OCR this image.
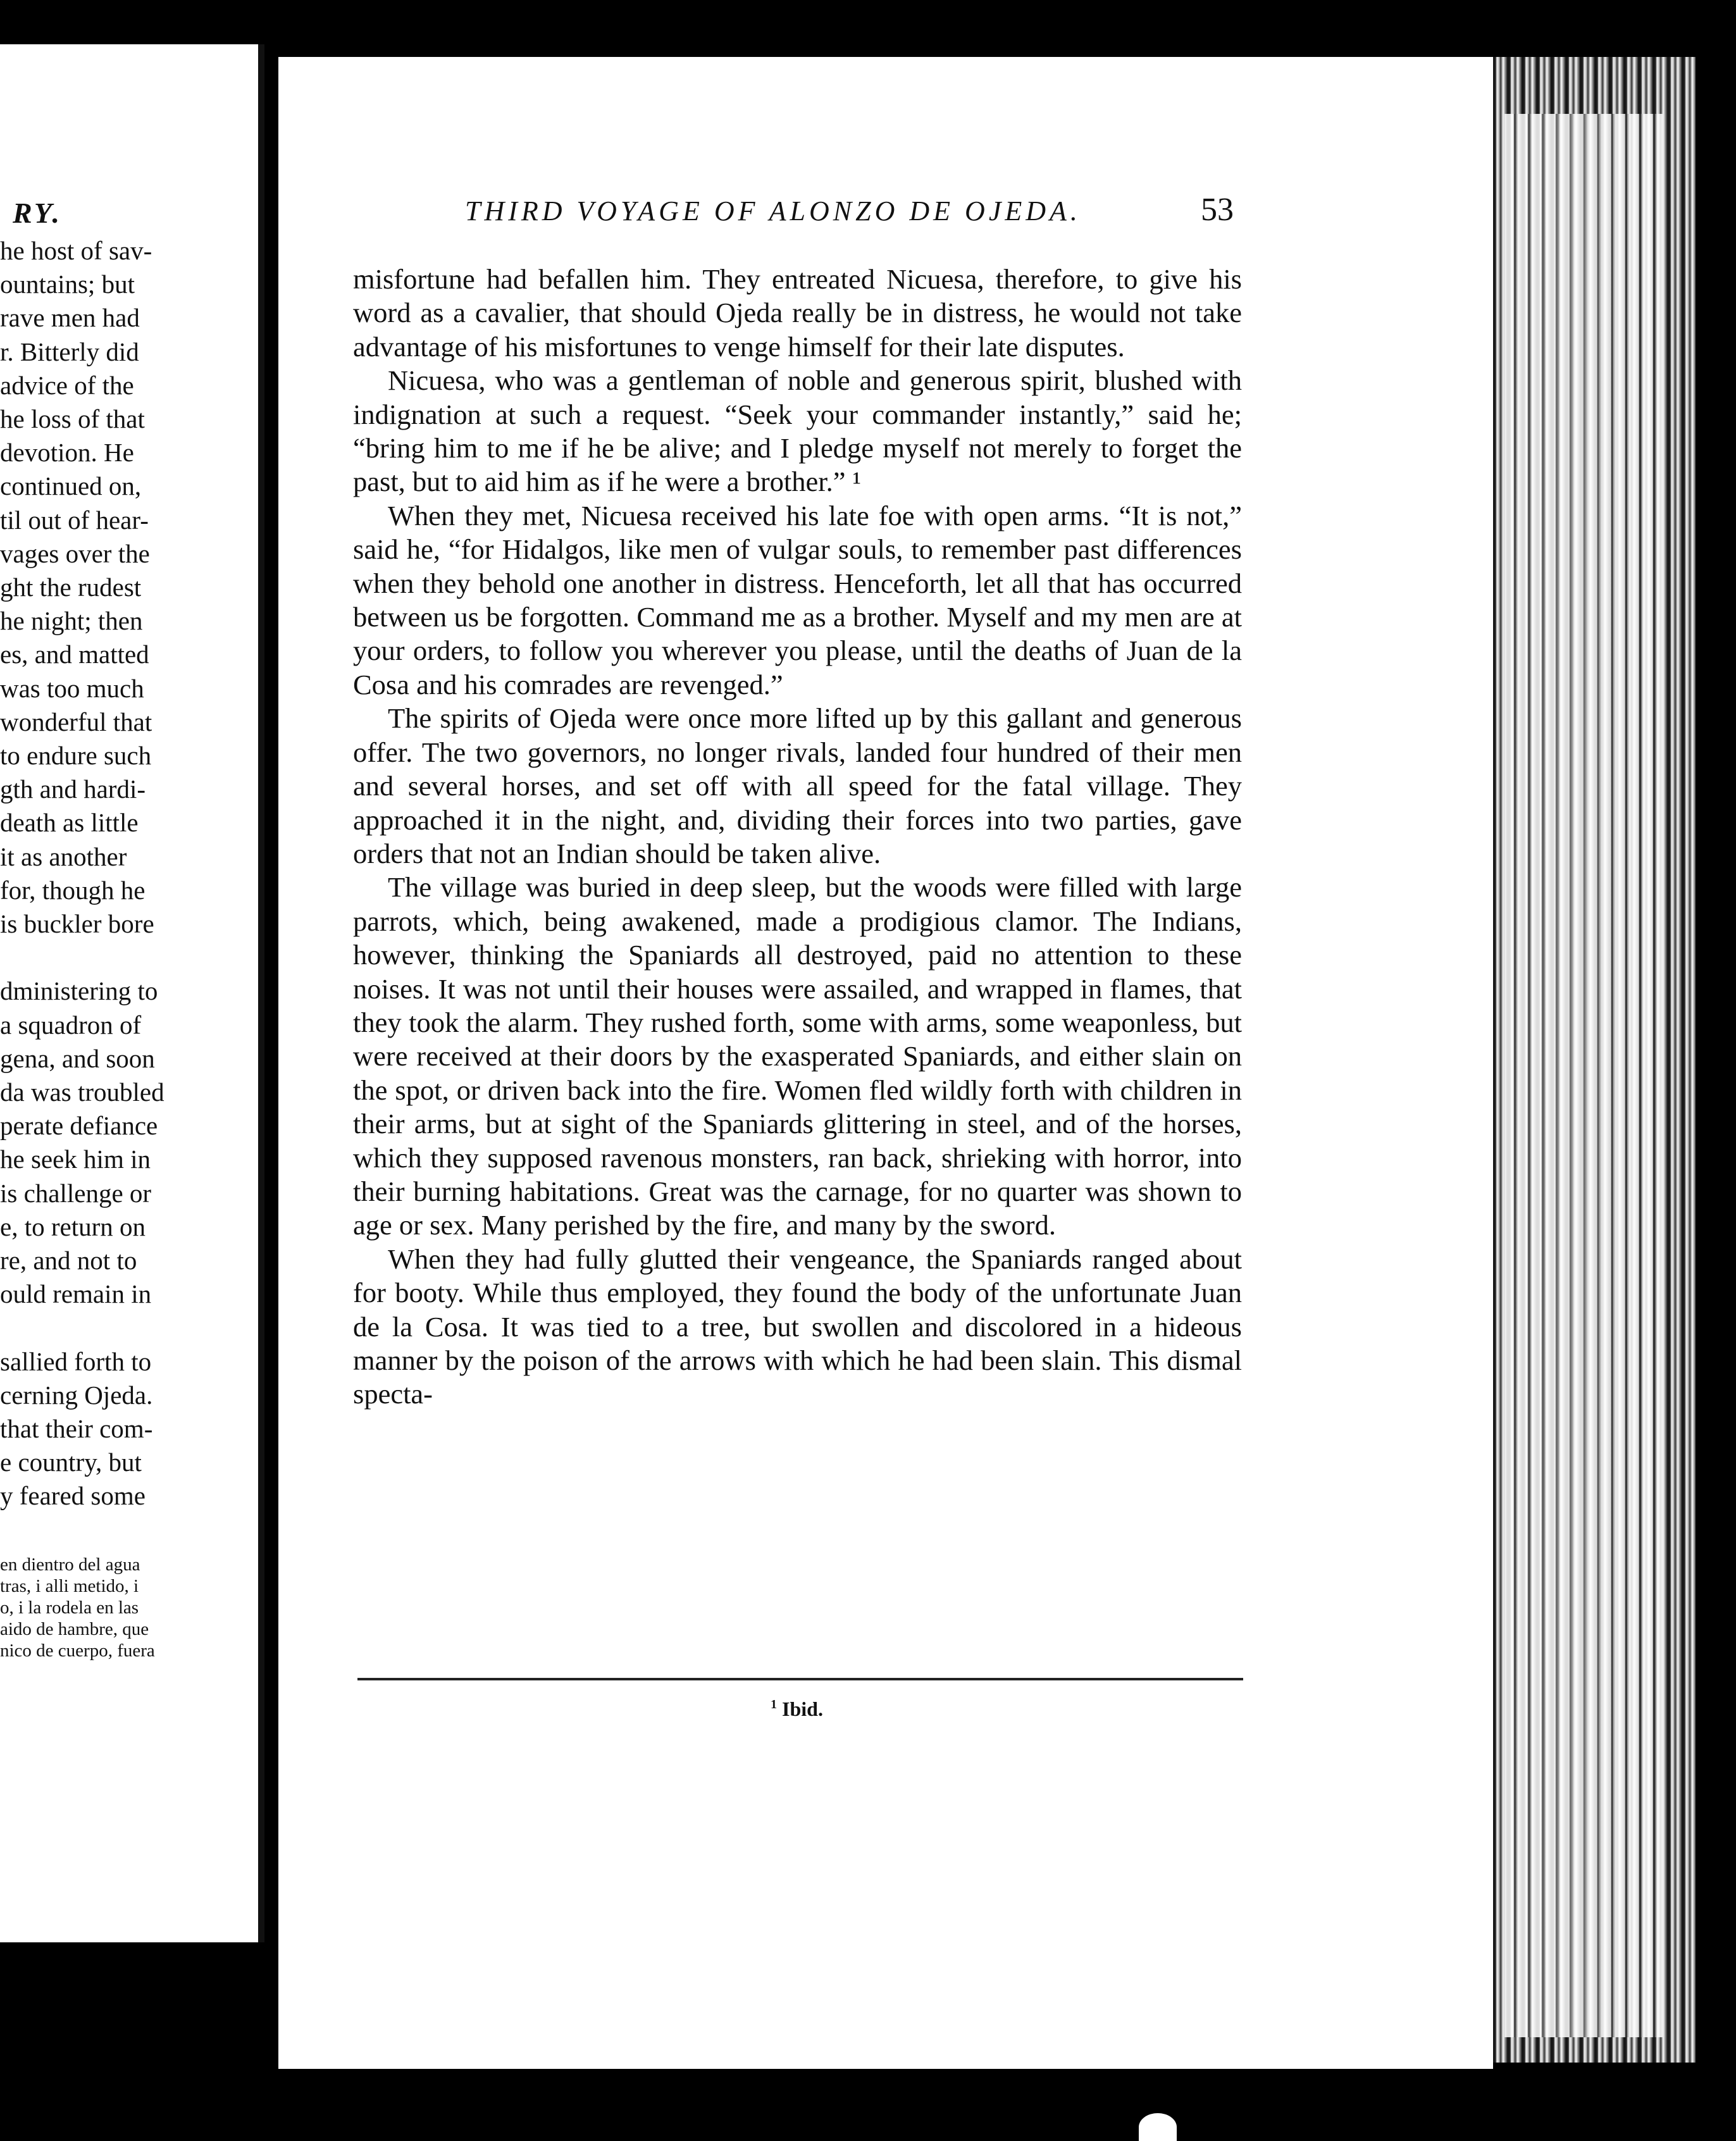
RY.
he host of sav-
ountains; but
rave men had
r. Bitterly did
advice of the
he loss of that
devotion. He
continued on,
til out of hear-
vages over the
ght the rudest
he night; then
es, and matted
was too much
wonderful that
to endure such
gth and hardi-
death as little
it as another
for, though he
is buckler bore
dministering to
a squadron of
gena, and soon
da was troubled
perate defiance
he seek him in
is challenge or
e, to return on
re, and not to
ould remain in
sallied forth to
cerning Ojeda.
that their com-
e country, but
y feared some
en dientro del agua
tras, i alli metido, i
o, i la rodela en las
aido de hambre, que
nico de cuerpo, fuera
THIRD VOYAGE OF ALONZO DE OJEDA.	53

misfortune had befallen him. They entreated Nicuesa, therefore, to give his word as a cavalier, that should Ojeda really be in distress, he would not take advantage of his misfortunes to venge himself for their late disputes.

Nicuesa, who was a gentleman of noble and generous spirit, blushed with indignation at such a request. “Seek your commander instantly,” said he; “bring him to me if he be alive; and I pledge myself not merely to forget the past, but to aid him as if he were a brother.” ¹

When they met, Nicuesa received his late foe with open arms. “It is not,” said he, “for Hidalgos, like men of vulgar souls, to remember past differences when they behold one another in distress. Henceforth, let all that has occurred between us be forgotten. Command me as a brother. Myself and my men are at your orders, to follow you wherever you please, until the deaths of Juan de la Cosa and his comrades are revenged.”

The spirits of Ojeda were once more lifted up by this gallant and generous offer. The two governors, no longer rivals, landed four hundred of their men and several horses, and set off with all speed for the fatal village. They approached it in the night, and, dividing their forces into two parties, gave orders that not an Indian should be taken alive.

The village was buried in deep sleep, but the woods were filled with large parrots, which, being awakened, made a prodigious clamor. The Indians, however, thinking the Spaniards all destroyed, paid no attention to these noises. It was not until their houses were assailed, and wrapped in flames, that they took the alarm. They rushed forth, some with arms, some weaponless, but were received at their doors by the exasperated Spaniards, and either slain on the spot, or driven back into the fire. Women fled wildly forth with children in their arms, but at sight of the Spaniards glittering in steel, and of the horses, which they supposed ravenous monsters, ran back, shrieking with horror, into their burning habitations. Great was the carnage, for no quarter was shown to age or sex. Many perished by the fire, and many by the sword.

When they had fully glutted their vengeance, the Spaniards ranged about for booty. While thus employed, they found the body of the unfortunate Juan de la Cosa. It was tied to a tree, but swollen and discolored in a hideous manner by the poison of the arrows with which he had been slain. This dismal specta-

$^1$ Ibid.
